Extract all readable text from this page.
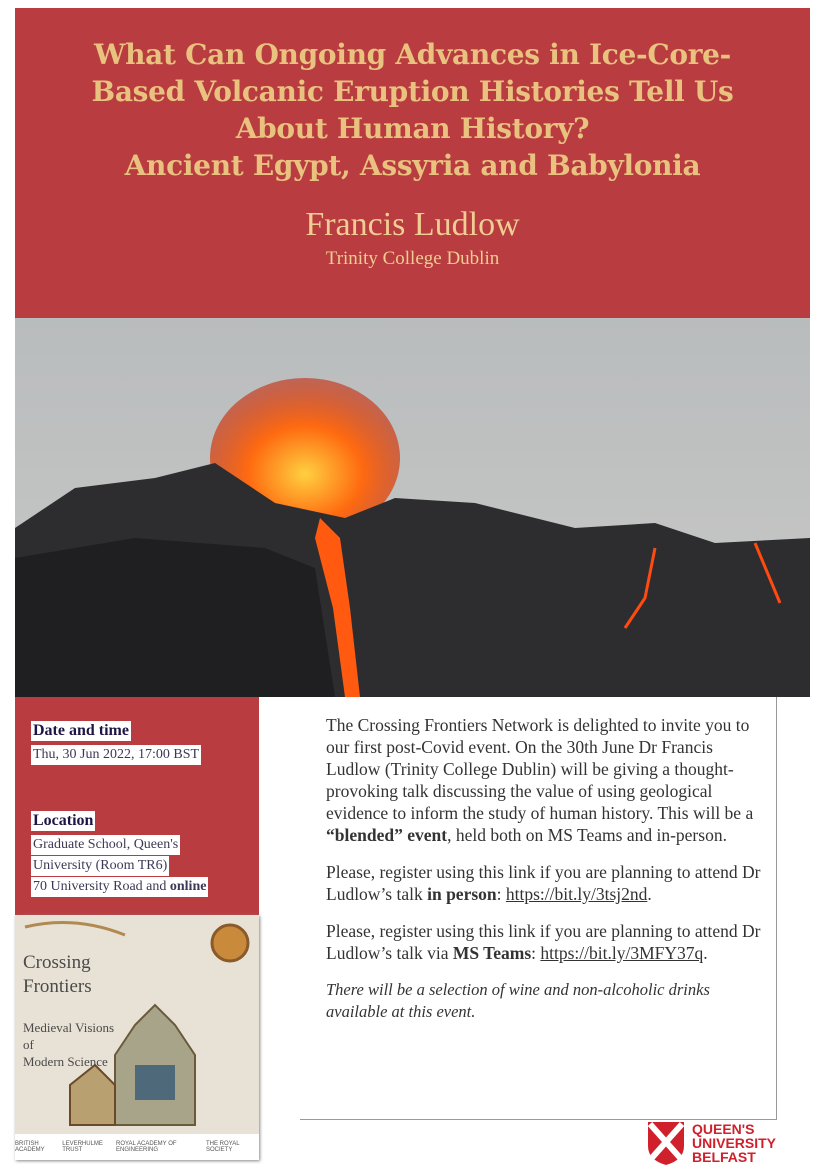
What Can Ongoing Advances in Ice-Core-
Based Volcanic Eruption Histories Tell Us
About Human History?
Ancient Egypt, Assyria and Babylonia
Francis Ludlow
Trinity College Dublin
Date and time
Thu, 30 Jun 2022, 17:00 BST
Location
Graduate School, Queen's
University (Room TR6)
70 University Road and online

The Crossing Frontiers Network is delighted to invite you to our first post-Covid event. On the 30th June Dr Francis Ludlow (Trinity College Dublin) will be giving a thought-provoking talk discussing the value of using geological evidence to inform the study of human history. This will be a “blended” event, held both on MS Teams and in-person.

Please, register using this link if you are planning to attend Dr Ludlow’s talk in person: https://bit.ly/3tsj2nd.

Please, register using this link if you are planning to attend Dr Ludlow’s talk via MS Teams: https://bit.ly/3MFY37q.

There will be a selection of wine and non-alcoholic drinks available at this event.

Crossing
Frontiers
Medieval Visions
of
Modern Science
BRITISH ACADEMY
LEVERHULME TRUST
ROYAL ACADEMY OF ENGINEERING
THE ROYAL SOCIETY
QUEEN'S
UNIVERSITY
BELFAST
